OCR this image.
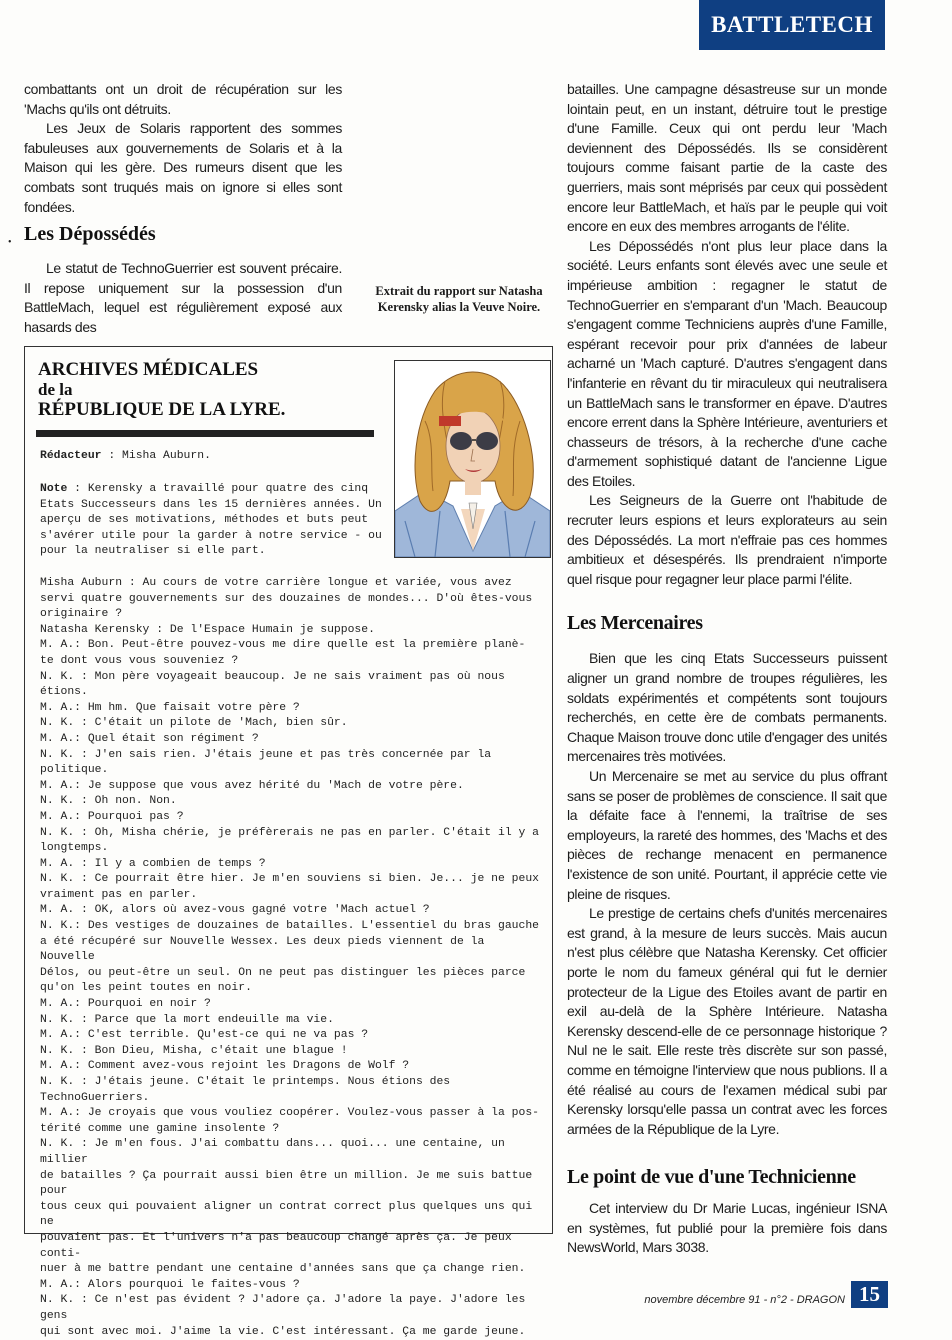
BATTLETECH

combattants ont un droit de récupération sur les 'Machs qu'ils ont détruits.

Les Jeux de Solaris rapportent des sommes fabuleuses aux gouvernements de Solaris et à la Maison qui les gère. Des rumeurs disent que les combats sont truqués mais on ignore si elles sont fondées.

• Les Dépossédés

Le statut de TechnoGuerrier est souvent précaire. Il repose uniquement sur la possession d'un BattleMach, lequel est régulièrement exposé aux hasards des

Extrait du rapport sur Natasha Kerensky alias la Veuve Noire.
ARCHIVES MÉDICALES
de la
RÉPUBLIQUE DE LA LYRE.
Rédacteur : Misha Auburn.
Note : Kerensky a travaillé pour quatre des cinq
Etats Successeurs dans les 15 dernières années. Un
aperçu de ses motivations, méthodes et buts peut
s'avérer utile pour la garder à notre service - ou
pour la neutraliser si elle part.
Misha Auburn : Au cours de votre carrière longue et variée, vous avez
servi quatre gouvernements sur des douzaines de mondes... D'où êtes-vous
originaire ?
Natasha Kerensky : De l'Espace Humain je suppose.
M. A.: Bon. Peut-être pouvez-vous me dire quelle est la première planè-
te dont vous vous souveniez ?
N. K. : Mon père voyageait beaucoup. Je ne sais vraiment pas où nous étions.
M. A.: Hm hm. Que faisait votre père ?
N. K. : C'était un pilote de 'Mach, bien sûr.
M. A.: Quel était son régiment ?
N. K. : J'en sais rien. J'étais jeune et pas très concernée par la politique.
M. A.: Je suppose que vous avez hérité du 'Mach de votre père.
N. K. : Oh non. Non.
M. A.: Pourquoi pas ?
N. K. : Oh, Misha chérie, je préfèrerais ne pas en parler. C'était il y a
longtemps.
M. A. : Il y a combien de temps ?
N. K. : Ce pourrait être hier. Je m'en souviens si bien. Je... je ne peux
vraiment pas en parler.
M. A. : OK, alors où avez-vous gagné votre 'Mach actuel ?
N. K.: Des vestiges de douzaines de batailles. L'essentiel du bras gauche
a été récupéré sur Nouvelle Wessex. Les deux pieds viennent de la Nouvelle
Délos, ou peut-être un seul. On ne peut pas distinguer les pièces parce
qu'on les peint toutes en noir.
M. A.: Pourquoi en noir ?
N. K. : Parce que la mort endeuille ma vie.
M. A.: C'est terrible. Qu'est-ce qui ne va pas ?
N. K. : Bon Dieu, Misha, c'était une blague !
M. A.: Comment avez-vous rejoint les Dragons de Wolf ?
N. K. : J'étais jeune. C'était le printemps. Nous étions des TechnoGuerriers.
M. A.: Je croyais que vous vouliez coopérer. Voulez-vous passer à la pos-
térité comme une gamine insolente ?
N. K. : Je m'en fous. J'ai combattu dans... quoi... une centaine, un millier
de batailles ? Ça pourrait aussi bien être un million. Je me suis battue pour
tous ceux qui pouvaient aligner un contrat correct plus quelques uns qui ne
pouvaient pas. Et l'univers n'a pas beaucoup changé après ça. Je peux conti-
nuer à me battre pendant une centaine d'années sans que ça change rien.
M. A.: Alors pourquoi le faites-vous ?
N. K. : Ce n'est pas évident ? J'adore ça. J'adore la paye. J'adore les gens
qui sont avec moi. J'aime la vie. C'est intéressant. Ça me garde jeune.

batailles. Une campagne désastreuse sur un monde lointain peut, en un instant, détruire tout le prestige d'une Famille. Ceux qui ont perdu leur 'Mach deviennent des Dépossédés. Ils se considèrent toujours comme faisant partie de la caste des guerriers, mais sont méprisés par ceux qui possèdent encore leur BattleMach, et haïs par le peuple qui voit encore en eux des membres arrogants de l'élite.

Les Dépossédés n'ont plus leur place dans la société. Leurs enfants sont élevés avec une seule et impérieuse ambition : regagner le statut de TechnoGuerrier en s'emparant d'un 'Mach. Beaucoup s'engagent comme Techniciens auprès d'une Famille, espérant recevoir pour prix d'années de labeur acharné un 'Mach capturé. D'autres s'engagent dans l'infanterie en rêvant du tir miraculeux qui neutralisera un BattleMach sans le transformer en épave. D'autres encore errent dans la Sphère Intérieure, aventuriers et chasseurs de trésors, à la recherche d'une cache d'armement sophistiqué datant de l'ancienne Ligue des Etoiles.

Les Seigneurs de la Guerre ont l'habitude de recruter leurs espions et leurs explorateurs au sein des Dépossédés. La mort n'effraie pas ces hommes ambitieux et désespérés. Ils prendraient n'importe quel risque pour regagner leur place parmi l'élite.

Les Mercenaires

Bien que les cinq Etats Successeurs puissent aligner un grand nombre de troupes régulières, les soldats expérimentés et compétents sont toujours recherchés, en cette ère de combats permanents. Chaque Maison trouve donc utile d'engager des unités mercenaires très motivées.

Un Mercenaire se met au service du plus offrant sans se poser de problèmes de conscience. Il sait que la défaite face à l'ennemi, la traîtrise de ses employeurs, la rareté des hommes, des 'Machs et des pièces de rechange menacent en permanence l'existence de son unité. Pourtant, il apprécie cette vie pleine de risques.

Le prestige de certains chefs d'unités mercenaires est grand, à la mesure de leurs succès. Mais aucun n'est plus célèbre que Natasha Kerensky. Cet officier porte le nom du fameux général qui fut le dernier protecteur de la Ligue des Etoiles avant de partir en exil au-delà de la Sphère Intérieure. Natasha Kerensky descend-elle de ce personnage historique ? Nul ne le sait. Elle reste très discrète sur son passé, comme en témoigne l'interview que nous publions. Il a été réalisé au cours de l'examen médical subi par Kerensky lorsqu'elle passa un contrat avec les forces armées de la République de la Lyre.

Le point de vue d'une Technicienne

Cet interview du Dr Marie Lucas, ingénieur ISNA en systèmes, fut publié pour la première fois dans NewsWorld, Mars 3038.

novembre décembre 91 - n°2 - DRAGON 15
